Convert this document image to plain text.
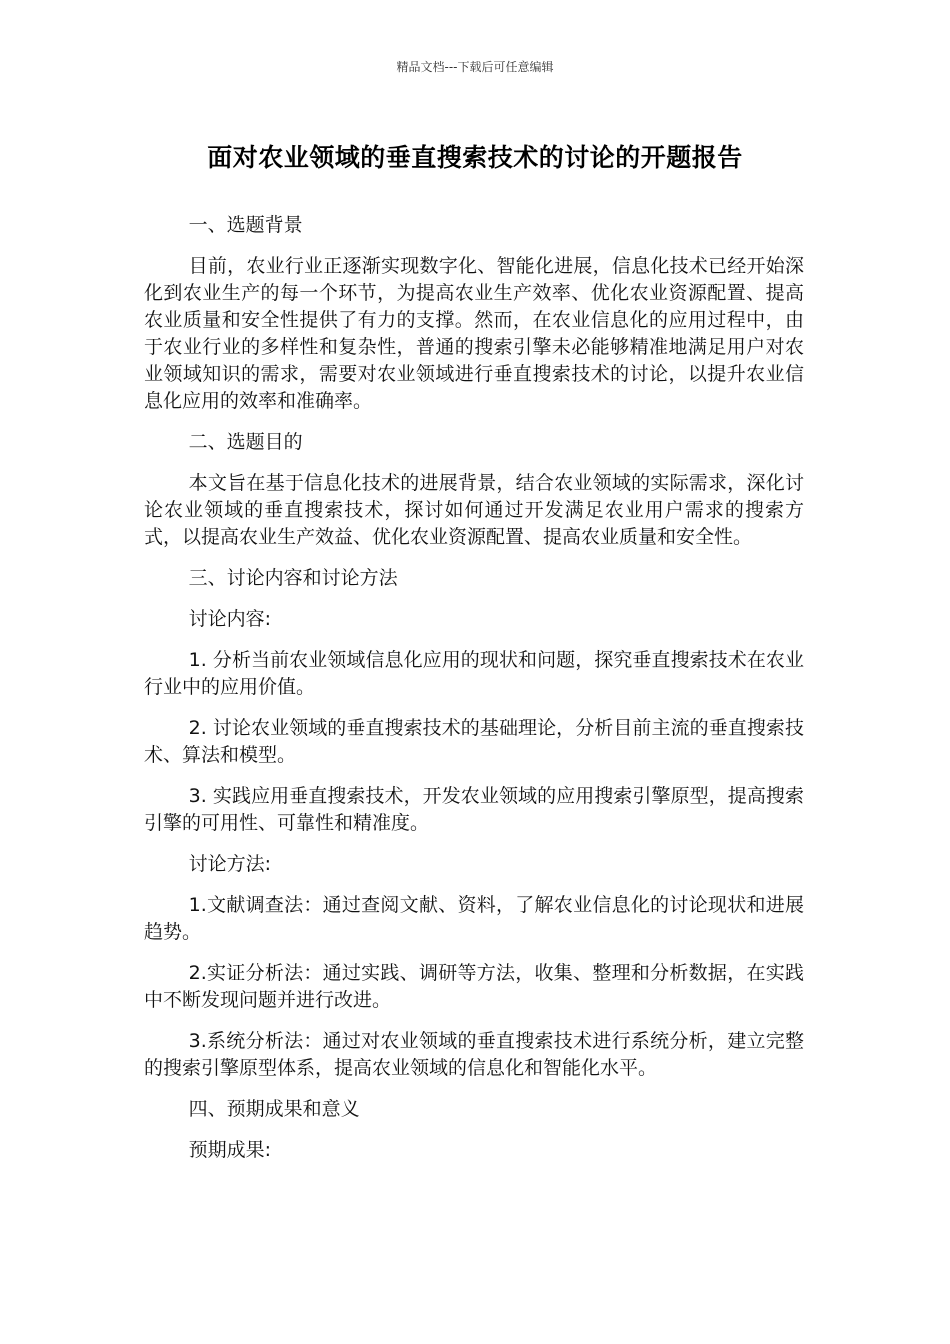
精品文档---下载后可任意编辑
面对农业领域的垂直搜索技术的讨论的开题报告

一、选题背景

目前，农业行业正逐渐实现数字化、智能化进展，信息化技术已经开始深化到农业生产的每一个环节，为提高农业生产效率、优化农业资源配置、提高农业质量和安全性提供了有力的支撑。然而，在农业信息化的应用过程中，由于农业行业的多样性和复杂性，普通的搜索引擎未必能够精准地满足用户对农业领域知识的需求，需要对农业领域进行垂直搜索技术的讨论，以提升农业信息化应用的效率和准确率。

二、选题目的

本文旨在基于信息化技术的进展背景，结合农业领域的实际需求，深化讨论农业领域的垂直搜索技术，探讨如何通过开发满足农业用户需求的搜索方式，以提高农业生产效益、优化农业资源配置、提高农业质量和安全性。

三、讨论内容和讨论方法

讨论内容:

1. 分析当前农业领域信息化应用的现状和问题，探究垂直搜索技术在农业行业中的应用价值。

2. 讨论农业领域的垂直搜索技术的基础理论，分析目前主流的垂直搜索技术、算法和模型。

3. 实践应用垂直搜索技术，开发农业领域的应用搜索引擎原型，提高搜索引擎的可用性、可靠性和精准度。

讨论方法:

1.文献调查法：通过查阅文献、资料，了解农业信息化的讨论现状和进展趋势。

2.实证分析法：通过实践、调研等方法，收集、整理和分析数据，在实践中不断发现问题并进行改进。

3.系统分析法：通过对农业领域的垂直搜索技术进行系统分析，建立完整的搜索引擎原型体系，提高农业领域的信息化和智能化水平。

四、预期成果和意义

预期成果:
